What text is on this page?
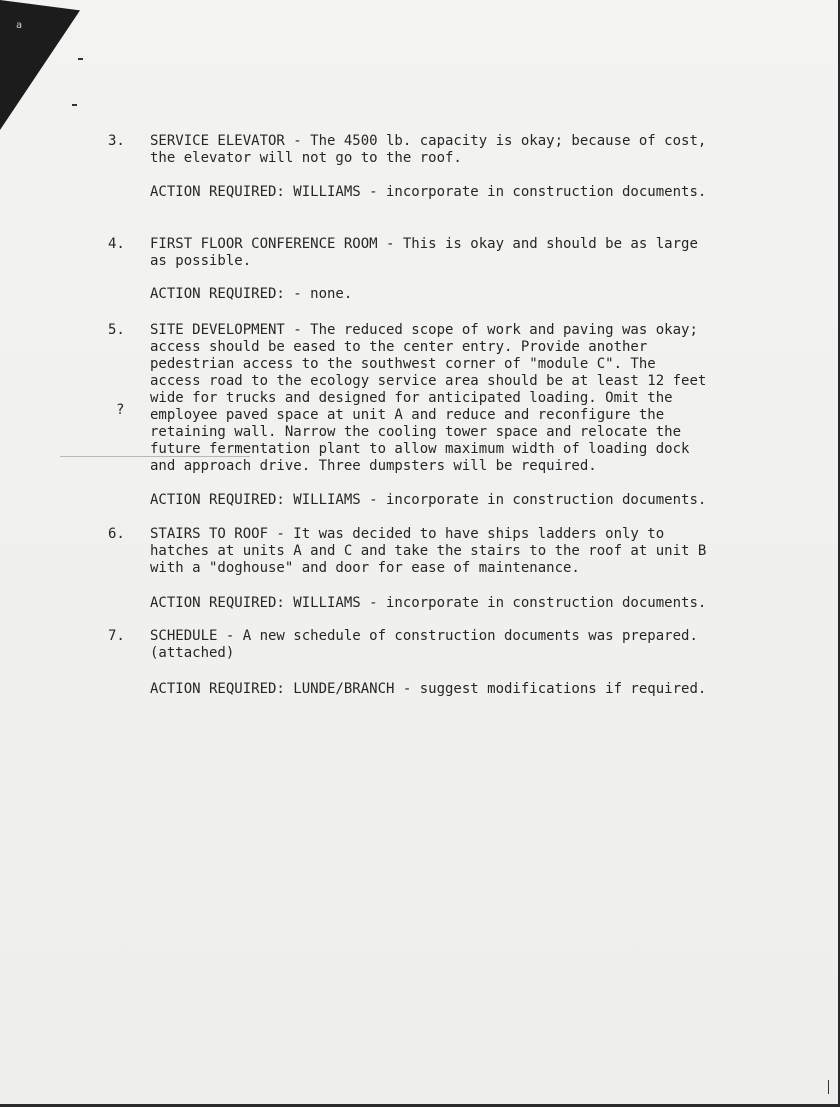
a
3.	SERVICE ELEVATOR - The 4500 lb. capacity is okay; because of cost,
the elevator will not go to the roof.
ACTION REQUIRED: WILLIAMS - incorporate in construction documents.
4.	FIRST FLOOR CONFERENCE ROOM - This is okay and should be as large
as possible.
ACTION REQUIRED: - none.
5.	SITE DEVELOPMENT - The reduced scope of work and paving was okay;
access should be eased to the center entry. Provide another
pedestrian access to the southwest corner of "module C". The
access road to the ecology service area should be at least 12 feet
wide for trucks and designed for anticipated loading. Omit the
employee paved space at unit A and reduce and reconfigure the
retaining wall. Narrow the cooling tower space and relocate the
future fermentation plant to allow maximum width of loading dock
and approach drive. Three dumpsters will be required.
?
ACTION REQUIRED: WILLIAMS - incorporate in construction documents.
6.	STAIRS TO ROOF - It was decided to have ships ladders only to
hatches at units A and C and take the stairs to the roof at unit B
with a "doghouse" and door for ease of maintenance.
ACTION REQUIRED: WILLIAMS - incorporate in construction documents.
7.	SCHEDULE - A new schedule of construction documents was prepared.
(attached)
ACTION REQUIRED: LUNDE/BRANCH - suggest modifications if required.
